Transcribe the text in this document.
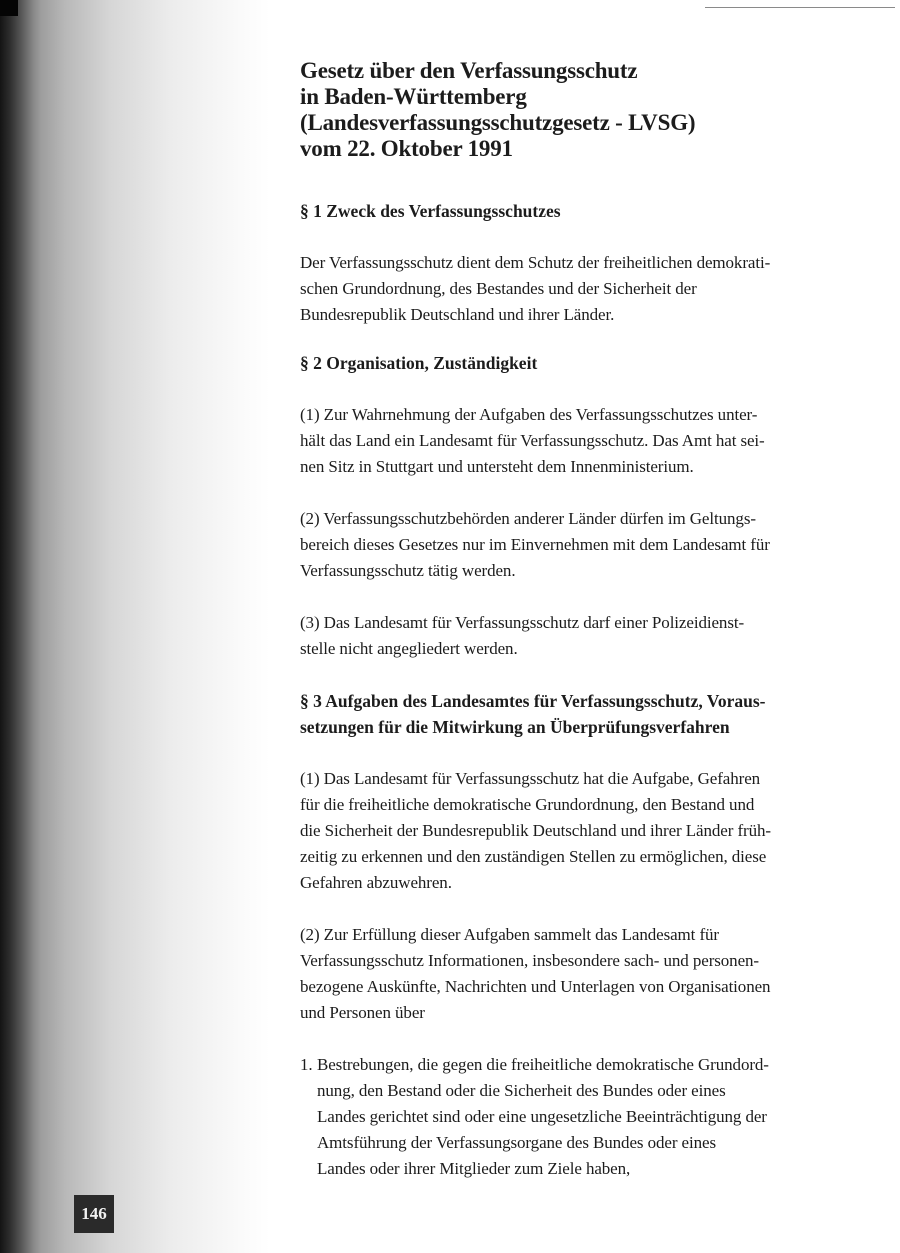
146
Gesetz über den Verfassungsschutz
in Baden-Württemberg
(Landesverfassungsschutzgesetz - LVSG)
vom 22. Oktober 1991
§ 1 Zweck des Verfassungsschutzes
Der Verfassungsschutz dient dem Schutz der freiheitlichen demokrati-
schen Grundordnung, des Bestandes und der Sicherheit der
Bundesrepublik Deutschland und ihrer Länder.
§ 2 Organisation, Zuständigkeit
(1) Zur Wahrnehmung der Aufgaben des Verfassungsschutzes unter-
hält das Land ein Landesamt für Verfassungsschutz. Das Amt hat sei-
nen Sitz in Stuttgart und untersteht dem Innenministerium.
(2) Verfassungsschutzbehörden anderer Länder dürfen im Geltungs-
bereich dieses Gesetzes nur im Einvernehmen mit dem Landesamt für
Verfassungsschutz tätig werden.
(3) Das Landesamt für Verfassungsschutz darf einer Polizeidienst-
stelle nicht angegliedert werden.
§ 3 Aufgaben des Landesamtes für Verfassungsschutz, Voraus-
setzungen für die Mitwirkung an Überprüfungsverfahren
(1) Das Landesamt für Verfassungsschutz hat die Aufgabe, Gefahren
für die freiheitliche demokratische Grundordnung, den Bestand und
die Sicherheit der Bundesrepublik Deutschland und ihrer Länder früh-
zeitig zu erkennen und den zuständigen Stellen zu ermöglichen, diese
Gefahren abzuwehren.
(2) Zur Erfüllung dieser Aufgaben sammelt das Landesamt für
Verfassungsschutz Informationen, insbesondere sach- und personen-
bezogene Auskünfte, Nachrichten und Unterlagen von Organisationen
und Personen über
1. Bestrebungen, die gegen die freiheitliche demokratische Grundord-
nung, den Bestand oder die Sicherheit des Bundes oder eines
Landes gerichtet sind oder eine ungesetzliche Beeinträchtigung der
Amtsführung der Verfassungsorgane des Bundes oder eines
Landes oder ihrer Mitglieder zum Ziele haben,
